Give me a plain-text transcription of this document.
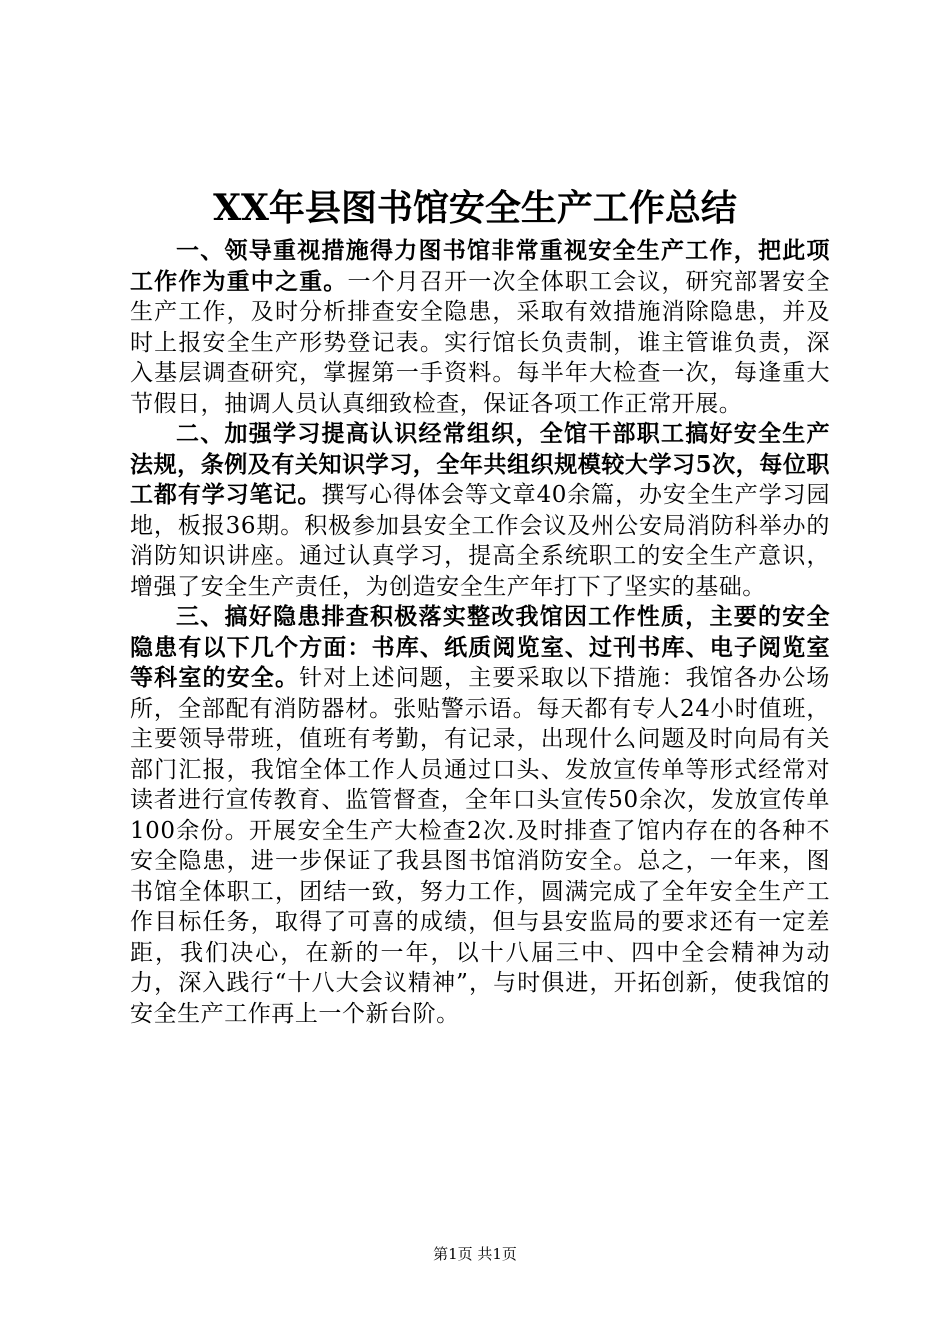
XX年县图书馆安全生产工作总结

一、领导重视措施得力图书馆非常重视安全生产工作，把此项工作作为重中之重。一个月召开一次全体职工会议，研究部署安全生产工作，及时分析排查安全隐患，采取有效措施消除隐患，并及时上报安全生产形势登记表。实行馆长负责制，谁主管谁负责，深入基层调查研究，掌握第一手资料。每半年大检查一次，每逢重大节假日，抽调人员认真细致检查，保证各项工作正常开展。

二、加强学习提高认识经常组织，全馆干部职工搞好安全生产法规，条例及有关知识学习，全年共组织规模较大学习5次，每位职工都有学习笔记。撰写心得体会等文章40余篇，办安全生产学习园地，板报36期。积极参加县安全工作会议及州公安局消防科举办的消防知识讲座。通过认真学习，提高全系统职工的安全生产意识，增强了安全生产责任，为创造安全生产年打下了坚实的基础。

三、搞好隐患排查积极落实整改我馆因工作性质，主要的安全隐患有以下几个方面：书库、纸质阅览室、过刊书库、电子阅览室等科室的安全。针对上述问题，主要采取以下措施：我馆各办公场所，全部配有消防器材。张贴警示语。每天都有专人24小时值班，主要领导带班，值班有考勤，有记录，出现什么问题及时向局有关部门汇报，我馆全体工作人员通过口头、发放宣传单等形式经常对读者进行宣传教育、监管督查，全年口头宣传50余次，发放宣传单100余份。开展安全生产大检查2次.及时排查了馆内存在的各种不安全隐患，进一步保证了我县图书馆消防安全。总之，一年来，图书馆全体职工，团结一致，努力工作，圆满完成了全年安全生产工作目标任务，取得了可喜的成绩，但与县安监局的要求还有一定差距，我们决心，在新的一年，以十八届三中、四中全会精神为动力，深入践行“十八大会议精神”，与时俱进，开拓创新，使我馆的安全生产工作再上一个新台阶。

第1页 共1页
